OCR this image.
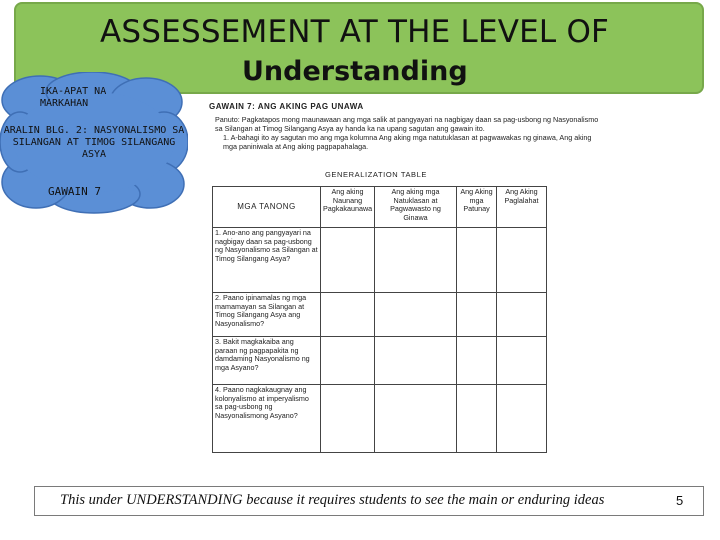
ASSESSEMENT AT THE LEVEL OF
Understanding
IKA-APAT NA MARKAHAN
ARALIN BLG. 2: NASYONALISMO SA SILANGAN AT TIMOG SILANGANG ASYA
GAWAIN 7
GAWAIN 7: ANG AKING PAG UNAWA
Panuto: Pagkatapos mong maunawaan ang mga salik at pangyayari na nagbigay daan sa pag-usbong ng Nasyonalismo sa Silangan at Timog Silangang Asya ay handa ka na upang sagutan ang gawain ito.
1. A-bahagi ito ay sagutan mo ang mga kolumna Ang aking mga natutuklasan at pagwawakas ng ginawa, Ang aking mga paniniwala at Ang aking pagpapahalaga.
GENERALIZATION TABLE
MGA TANONG	Ang aking Naunang Pagkakaunawa	Ang aking mga Natuklasan at Pagwawasto ng Ginawa	Ang Aking mga Patunay	Ang Aking Paglalahat
1. Ano-ano ang pangyayari na nagbigay daan sa pag-usbong ng Nasyonalismo sa Silangan at Timog Silangang Asya?				
2. Paano ipinamalas ng mga mamamayan sa Silangan at Timog Silangang Asya ang Nasyonalismo?				
3. Bakit magkakaiba ang paraan ng pagpapakita ng damdaming Nasyonalismo ng mga Asyano?				
4. Paano nagkakaugnay ang kolonyalismo at imperyalismo sa pag-usbong ng Nasyonalismong Asyano?				
This under UNDERSTANDING because it requires students to see the main or enduring ideas	5
